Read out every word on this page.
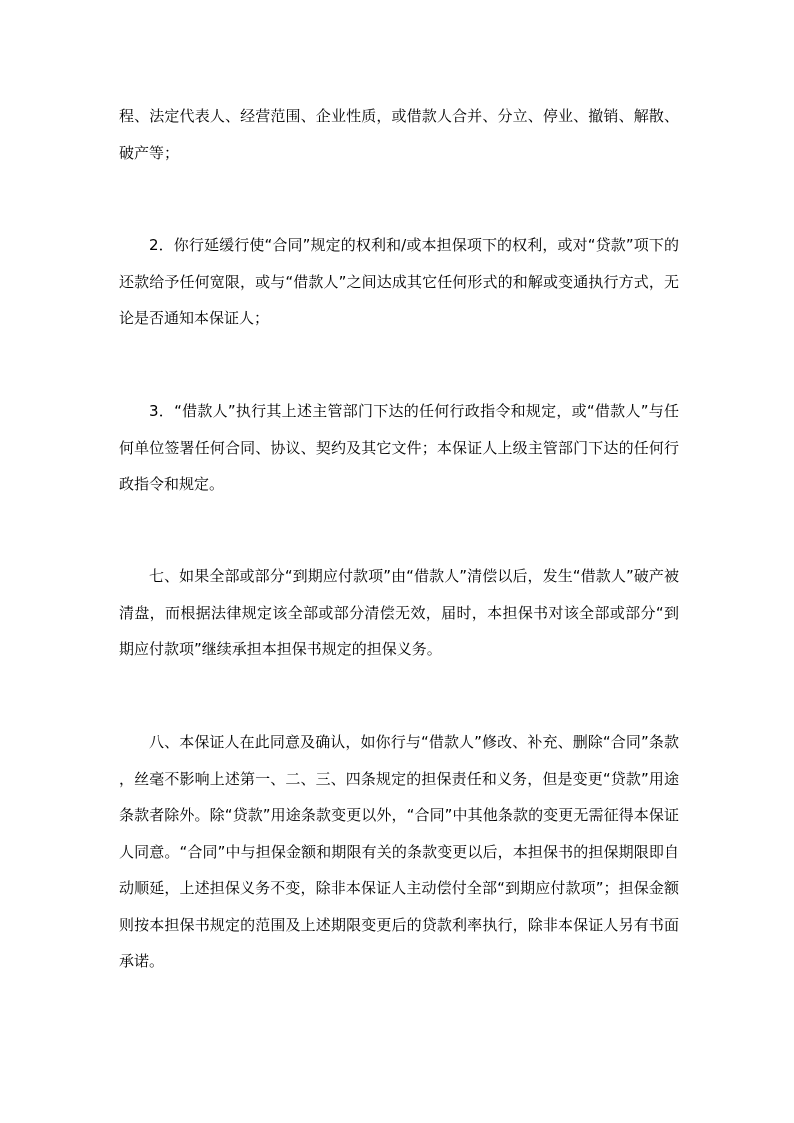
程、法定代表人、经营范围、企业性质，或借款人合并、分立、停业、撤销、解散、破产等；

2．你行延缓行使“合同”规定的权利和/或本担保项下的权利，或对“贷款”项下的还款给予任何宽限，或与“借款人”之间达成其它任何形式的和解或变通执行方式，无论是否通知本保证人；

3．“借款人”执行其上述主管部门下达的任何行政指令和规定，或“借款人”与任何单位签署任何合同、协议、契约及其它文件；本保证人上级主管部门下达的任何行政指令和规定。

七、如果全部或部分“到期应付款项”由“借款人”清偿以后，发生“借款人”破产被清盘，而根据法律规定该全部或部分清偿无效，届时，本担保书对该全部或部分“到期应付款项”继续承担本担保书规定的担保义务。

八、本保证人在此同意及确认，如你行与“借款人”修改、补充、删除“合同”条款，丝毫不影响上述第一、二、三、四条规定的担保责任和义务，但是变更“贷款”用途条款者除外。除“贷款”用途条款变更以外，“合同”中其他条款的变更无需征得本保证人同意。“合同”中与担保金额和期限有关的条款变更以后，本担保书的担保期限即自动顺延，上述担保义务不变，除非本保证人主动偿付全部“到期应付款项”；担保金额则按本担保书规定的范围及上述期限变更后的贷款利率执行，除非本保证人另有书面承诺。
